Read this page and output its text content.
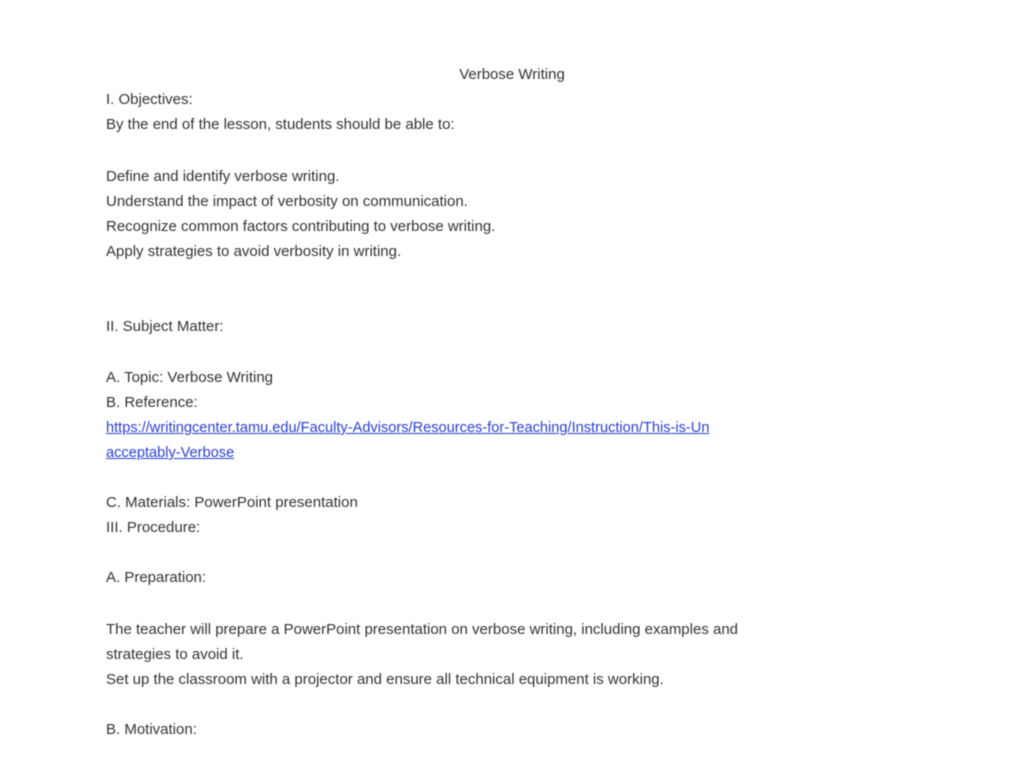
Verbose Writing
I. Objectives:
By the end of the lesson, students should be able to:
Define and identify verbose writing.
Understand the impact of verbosity on communication.
Recognize common factors contributing to verbose writing.
Apply strategies to avoid verbosity in writing.
II. Subject Matter:
A. Topic: Verbose Writing
B. Reference:
https://writingcenter.tamu.edu/Faculty-Advisors/Resources-for-Teaching/Instruction/This-is-Un
acceptably-Verbose
C. Materials: PowerPoint presentation
III. Procedure:
A. Preparation:
The teacher will prepare a PowerPoint presentation on verbose writing, including examples and
strategies to avoid it.
Set up the classroom with a projector and ensure all technical equipment is working.
B. Motivation:
